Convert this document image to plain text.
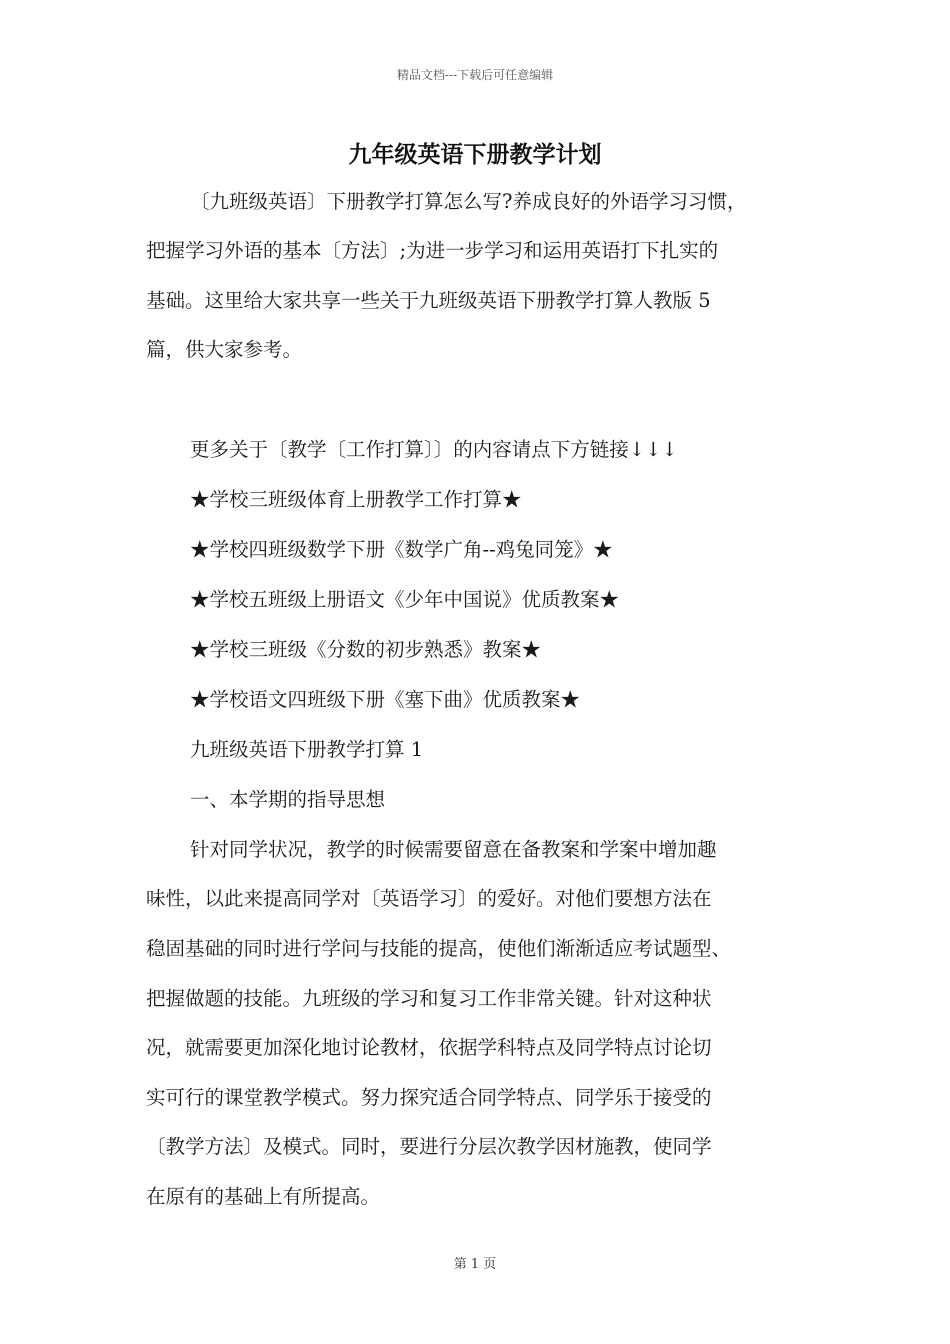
精品文档---下载后可任意编辑
九年级英语下册教学计划
〔九班级英语〕下册教学打算怎么写?养成良好的外语学习习惯，
把握学习外语的基本〔方法〕;为进一步学习和运用英语打下扎实的
基础。这里给大家共享一些关于九班级英语下册教学打算人教版 5
篇，供大家参考。
更多关于〔教学〔工作打算〕〕的内容请点下方链接↓↓↓
★学校三班级体育上册教学工作打算★
★学校四班级数学下册《数学广角--鸡兔同笼》★
★学校五班级上册语文《少年中国说》优质教案★
★学校三班级《分数的初步熟悉》教案★
★学校语文四班级下册《塞下曲》优质教案★
九班级英语下册教学打算 1
一、本学期的指导思想
针对同学状况，教学的时候需要留意在备教案和学案中增加趣
味性，以此来提高同学对〔英语学习〕的爱好。对他们要想方法在
稳固基础的同时进行学问与技能的提高，使他们渐渐适应考试题型、
把握做题的技能。九班级的学习和复习工作非常关键。针对这种状
况，就需要更加深化地讨论教材，依据学科特点及同学特点讨论切
实可行的课堂教学模式。努力探究适合同学特点、同学乐于接受的
〔教学方法〕及模式。同时，要进行分层次教学因材施教，使同学
在原有的基础上有所提高。
第 1 页
